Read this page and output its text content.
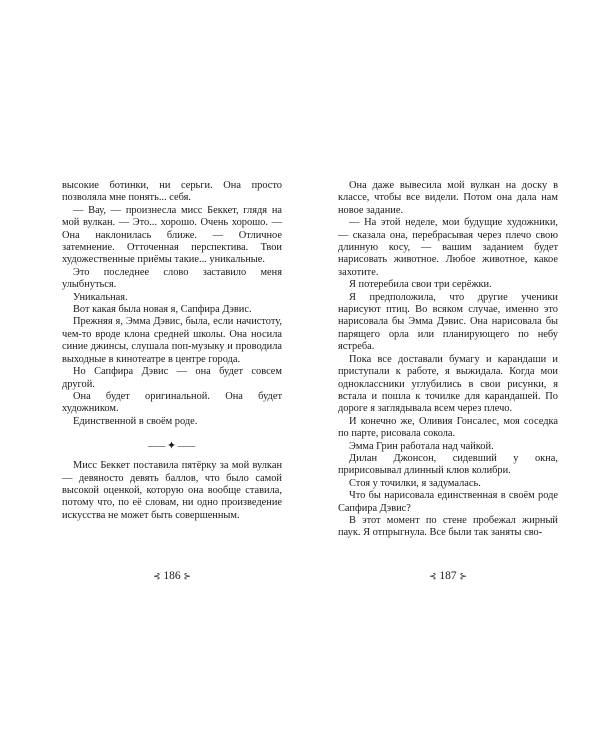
высокие ботинки, ни серьги. Она просто позволяла мне понять... себя.

— Вау, — произнесла мисс Беккет, глядя на мой вулкан. — Это... хорошо. Очень хорошо. — Она наклонилась ближе. — Отличное затемнение. Отточенная перспектива. Твои художественные приёмы такие... уникальные.

Это последнее слово заставило меня улыбнуться.

Уникальная.

Вот какая была новая я, Сапфира Дэвис.

Прежняя я, Эмма Дэвис, была, если начистоту, чем-то вроде клона средней школы. Она носила синие джинсы, слушала поп-музыку и проводила выходные в кинотеатре в центре города.

Но Сапфира Дэвис — она будет совсем другой.

Она будет оригинальной. Она будет художником.

Единственной в своём роде.

⸺✦⸺

Мисс Беккет поставила пятёрку за мой вулкан — девяносто девять баллов, что было самой высокой оценкой, которую она вообще ставила, потому что, по её словам, ни одно произведение искусства не может быть совершенным.

Она даже вывесила мой вулкан на доску в классе, чтобы все видели. Потом она дала нам новое задание.

— На этой неделе, мои будущие художники, — сказала она, перебрасывая через плечо свою длинную косу, — вашим заданием будет нарисовать животное. Любое животное, какое захотите.

Я потеребила свои три серёжки.

Я предположила, что другие ученики нарисуют птиц. Во всяком случае, именно это нарисовала бы Эмма Дэвис. Она нарисовала бы парящего орла или планирующего по небу ястреба.

Пока все доставали бумагу и карандаши и приступали к работе, я выжидала. Когда мои одноклассники углубились в свои рисунки, я встала и пошла к точилке для карандашей. По дороге я заглядывала всем через плечо.

И конечно же, Оливия Гонсалес, моя соседка по парте, рисовала сокола.

Эмма Грин работала над чайкой.

Дилан Джонсон, сидевший у окна, пририсовывал длинный клюв колибри.

Стоя у точилки, я задумалась.

Что бы нарисовала единственная в своём роде Сапфира Дэвис?

В этот момент по стене пробежал жирный паук. Я отпрыгнула. Все были так заняты сво-

⊰ 186 ⊱	⊰ 187 ⊱
